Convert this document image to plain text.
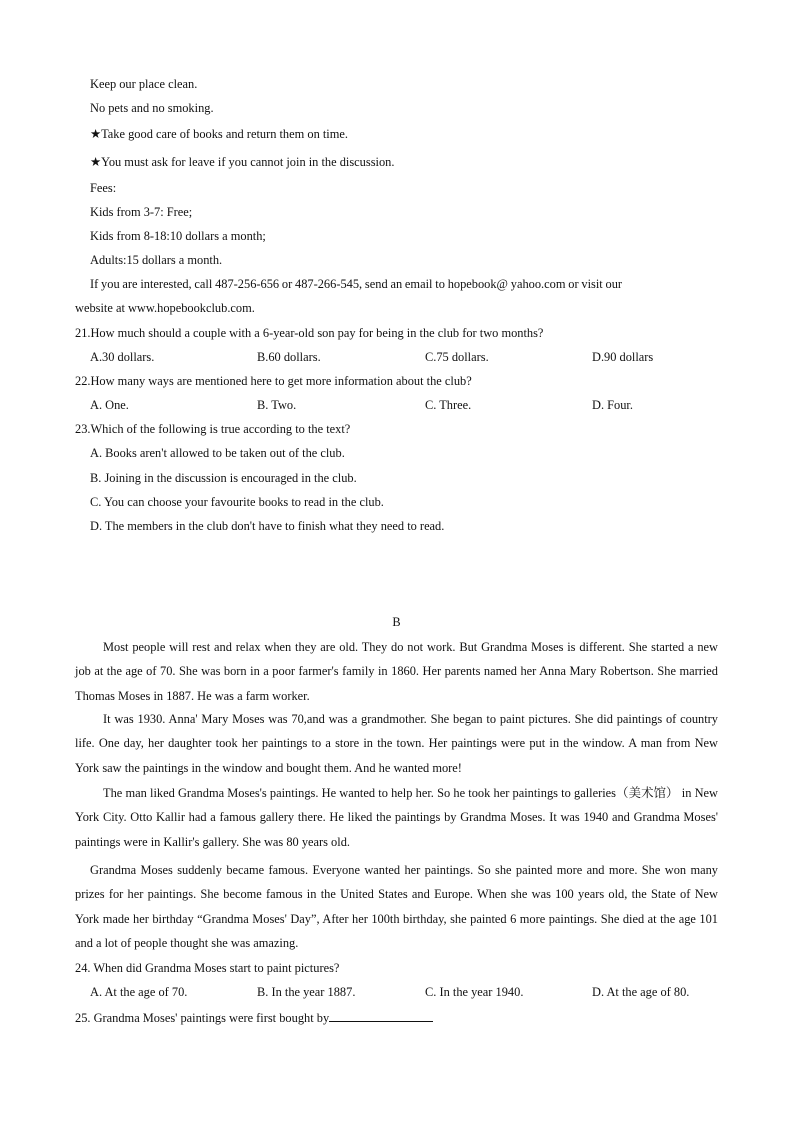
Keep our place clean.
No pets and no smoking.
★Take good care of books and return them on time.
★You must ask for leave if you cannot join in the discussion.
Fees:
Kids from 3-7: Free;
Kids from 8-18:10 dollars a month;
Adults:15 dollars a month.
If you are interested, call 487-256-656 or 487-266-545, send an email to hopebook@ yahoo.com or visit our
website at www.hopebookclub.com.
21.How much should a couple with a 6-year-old son pay for being in the club for two months?
A.30 dollars.	B.60 dollars.	C.75 dollars.	D.90 dollars
22.How many ways are mentioned here to get more information about the club?
A. One.	B. Two.	C. Three.	D. Four.
23.Which of the following is true according to the text?
A. Books aren't allowed to be taken out of the club.
B. Joining in the discussion is encouraged in the club.
C. You can choose your favourite books to read in the club.
D. The members in the club don't have to finish what they need to read.
B

Most people will rest and relax when they are old. They do not work. But Grandma Moses is different. She started a new job at the age of 70. She was born in a poor farmer's family in 1860. Her parents named her Anna Mary Robertson. She married Thomas Moses in 1887. He was a farm worker.

It was 1930. Anna' Mary Moses was 70,and was a grandmother. She began to paint pictures. She did paintings of country life. One day, her daughter took her paintings to a store in the town. Her paintings were put in the window. A man from New York saw the paintings in the window and bought them. And he wanted more!

The man liked Grandma Moses's paintings. He wanted to help her. So he took her paintings to galleries（美术馆） in New York City. Otto Kallir had a famous gallery there. He liked the paintings by Grandma Moses. It was 1940 and Grandma Moses' paintings were in Kallir's gallery. She was 80 years old.

Grandma Moses suddenly became famous. Everyone wanted her paintings. So she painted more and more. She won many prizes for her paintings. She become famous in the United States and Europe. When she was 100 years old, the State of New York made her birthday “Grandma Moses' Day”, After her 100th birthday, she painted 6 more paintings. She died at the age 101 and a lot of people thought she was amazing.

24. When did Grandma Moses start to paint pictures?
A. At the age of 70.	B. In the year 1887.	C. In the year 1940.	D. At the age of 80.
25. Grandma Moses' paintings were first bought by
